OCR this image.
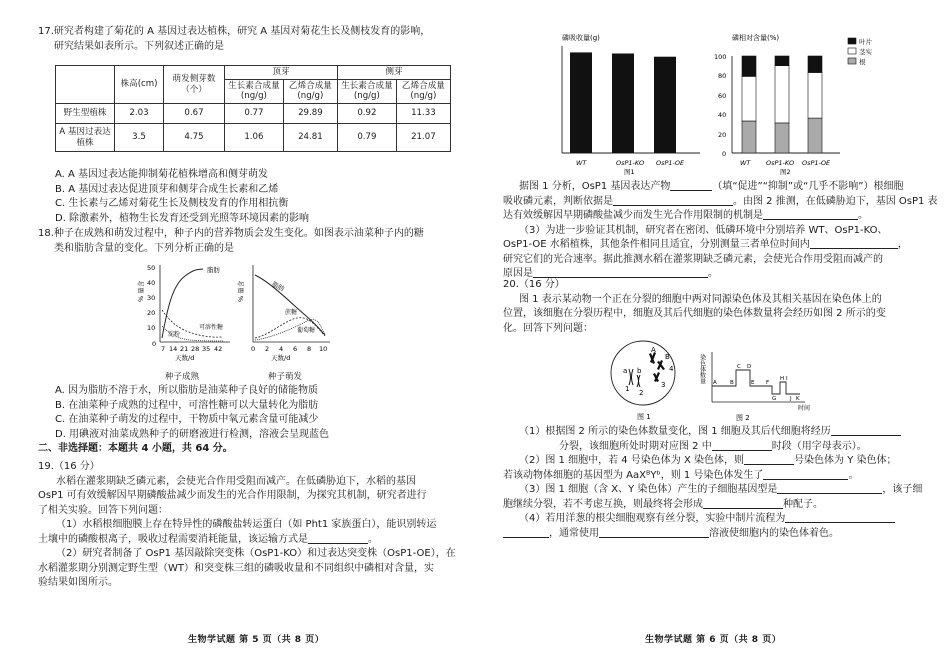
17.研究者构建了菊花的 A 基因过表达植株，研究 A 基因对菊花生长及侧枝发育的影响，
研究结果如表所示。下列叙述正确的是
	株高(cm)	萌发侧芽数（个）	顶芽		侧芽	
			生长素合成量(ng/g)	乙烯合成量(ng/g)	生长素合成量(ng/g)	乙烯合成量(ng/g)
野生型植株	2.03	0.67	0.77	29.89	0.92	11.33
A 基因过表达植株	3.5	4.75	1.06	24.81	0.79	21.07
A. A 基因过表达能抑制菊花植株增高和侧芽萌发
B. A 基因过表达促进顶芽和侧芽合成生长素和乙烯
C. 生长素与乙烯对菊花生长及侧枝发育的作用相抗衡
D. 除激素外，植物生长发育还受到光照等环境因素的影响
18.种子在成熟和萌发过程中，种子内的营养物质会发生变化。如图表示油菜种子内的糖
类和脂肪含量的变化。下列分析正确的是
% 量含
50
40
30
20
10
0
脂肪
可溶性糖
淀粉
7 14 21 28 35 42
天数/d
种子成熟
% 量含	脂肪
蔗糖
葡萄糖
0 2 4 6 8 10
天数/d
种子萌发
A. 因为脂肪不溶于水，所以脂肪是油菜种子良好的储能物质
B. 在油菜种子成熟的过程中，可溶性糖可以大量转化为脂肪
C. 在油菜种子萌发的过程中，干物质中氧元素含量可能减少
D. 用碘液对油菜成熟种子的研磨液进行检测，溶液会呈现蓝色
二、非选择题：本题共 4 小题，共 64 分。
19.（16 分）
水稻在灌浆期缺乏磷元素，会使光合作用受阻而减产。在低磷胁迫下，水稻的基因
OsP1 可有效缓解因早期磷酸盐减少而发生的光合作用限制，为探究其机制，研究者进行
了相关实验。回答下列问题：
（1）水稻根细胞膜上存在特异性的磷酸盐转运蛋白（如 Pht1 家族蛋白），能识别转运
土壤中的磷酸根离子，吸收过程需要消耗能量，该运输方式是	。
（2）研究者制备了 OsP1 基因敲除突变株（OsP1-KO）和过表达突变株（OsP1-OE），在
水稻灌浆期分别测定野生型（WT）和突变株三组的磷吸收量和不同组织中磷相对含量，实
验结果如图所示。
生物学试题 第 5 页（共 8 页）
磷吸收量(g)
WT	OsP1-KO OsP1-OE
图1
磷相对含量(%)
100
80
60
40
20
0
叶片
茎实
根
WT OsP1-KO OsP1-OE
图2
据图 1 分析，OsP1 基因表达产物	（填“促进”“抑制”或“几乎不影响”）根细胞
吸收磷元素，判断依据是	。由图 2 推测，在低磷胁迫下，基因 OsP1 表
达有效缓解因早期磷酸盐减少而发生光合作用限制的机制是	。
（3）为进一步验证其机制，研究者在密闭、低磷环境中分别培养 WT、OsP1-KO、
OsP1-OE 水稻植株，其他条件相同且适宜，分别测量三者单位时间内	，
研究它们的光合速率。据此推测水稻在灌浆期缺乏磷元素，会使光合作用受阻而减产的
原因是	。
20.（16 分）
图 1 表示某动物一个正在分裂的细胞中两对同源染色体及其相关基因在染色体上的
位置，该细胞在分裂历程中，细胞及其后代细胞的染色体数量将会经历如图 2 所示的变
化。回答下列问题：
A
B
a b
1 2
3
4
图 1
染色体数量 A B
C D
E F
G
H I
J K
时间
图 2
（1）根据图 2 所示的染色体数量变化，图 1 细胞及其后代细胞将经历
分裂，该细胞所处时期对应图 2 中	时段（用字母表示）。
（2）图 1 细胞中，若 4 号染色体为 X 染色体，则	号染色体为 Y 染色体；
若该动物体细胞的基因型为 AaXᴮYᵇ，则 1 号染色体发生了	。
（3）图 1 细胞（含 X、Y 染色体）产生的子细胞基因型是	，该子细
胞继续分裂，若不考虑互换，则最终将会形成	种配子。
（4）若用洋葱的根尖细胞观察有丝分裂，实验中制片流程为
，通常使用	溶液使细胞内的染色体着色。
生物学试题 第 6 页（共 8 页）
